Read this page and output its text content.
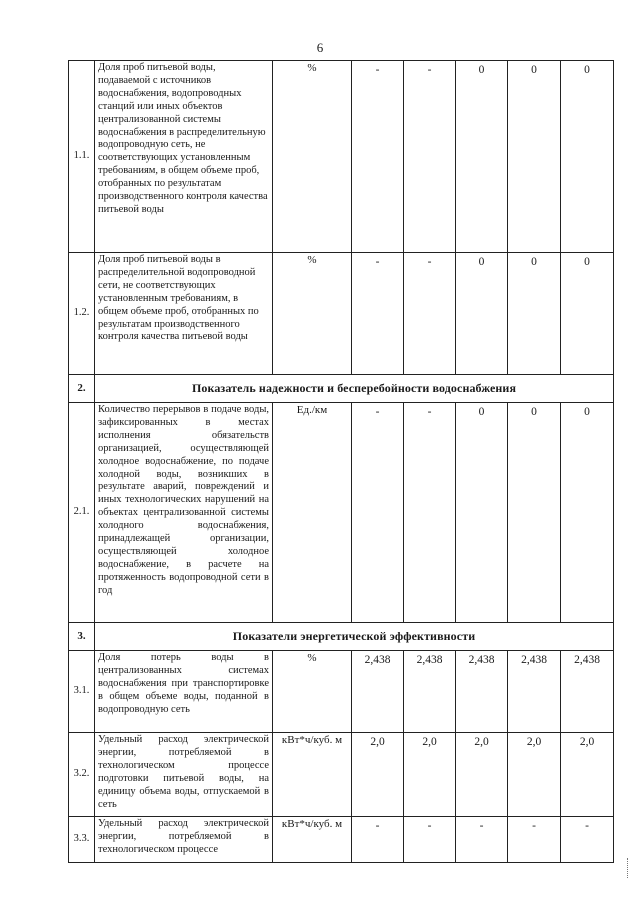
6
1.1.	Доля проб питьевой воды, подаваемой с источников водоснабжения, водопроводных станций или иных объектов централизованной системы водоснабжения в распределительную водопроводную сеть, не соответствующих установленным требованиям, в общем объеме проб, отобранных по результатам производственного контроля качества питьевой воды	%	-	-	0	0	0
1.2.	Доля проб питьевой воды в распределительной водопроводной сети, не соответствующих установленным требованиям, в общем объеме проб, отобранных по результатам производственного контроля качества питьевой воды	%	-	-	0	0	0
2.	Показатель надежности и бесперебойности водоснабжения						
2.1.	Количество перерывов в подаче воды, зафиксированных в местах исполнения обязательств организацией, осуществляющей холодное водоснабжение, по подаче холодной воды, возникших в результате аварий, повреждений и иных технологических нарушений на объектах централизованной системы холодного водоснабжения, принадлежащей организации, осуществляющей холодное водоснабжение, в расчете на протяженность водопроводной сети в год	Ед./км	-	-	0	0	0
3.	Показатели энергетической эффективности						
3.1.	Доля потерь воды в централизованных системах водоснабжения при транспортировке в общем объеме воды, поданной в водопроводную сеть	%	2,438	2,438	2,438	2,438	2,438
3.2.	Удельный расход электрической энергии, потребляемой в технологическом процессе подготовки питьевой воды, на единицу объема воды, отпускаемой в сеть	кВт*ч/куб. м	2,0	2,0	2,0	2,0	2,0
3.3.	Удельный расход электрической энергии, потребляемой в технологическом процессе	кВт*ч/куб. м	-	-	-	-	-
